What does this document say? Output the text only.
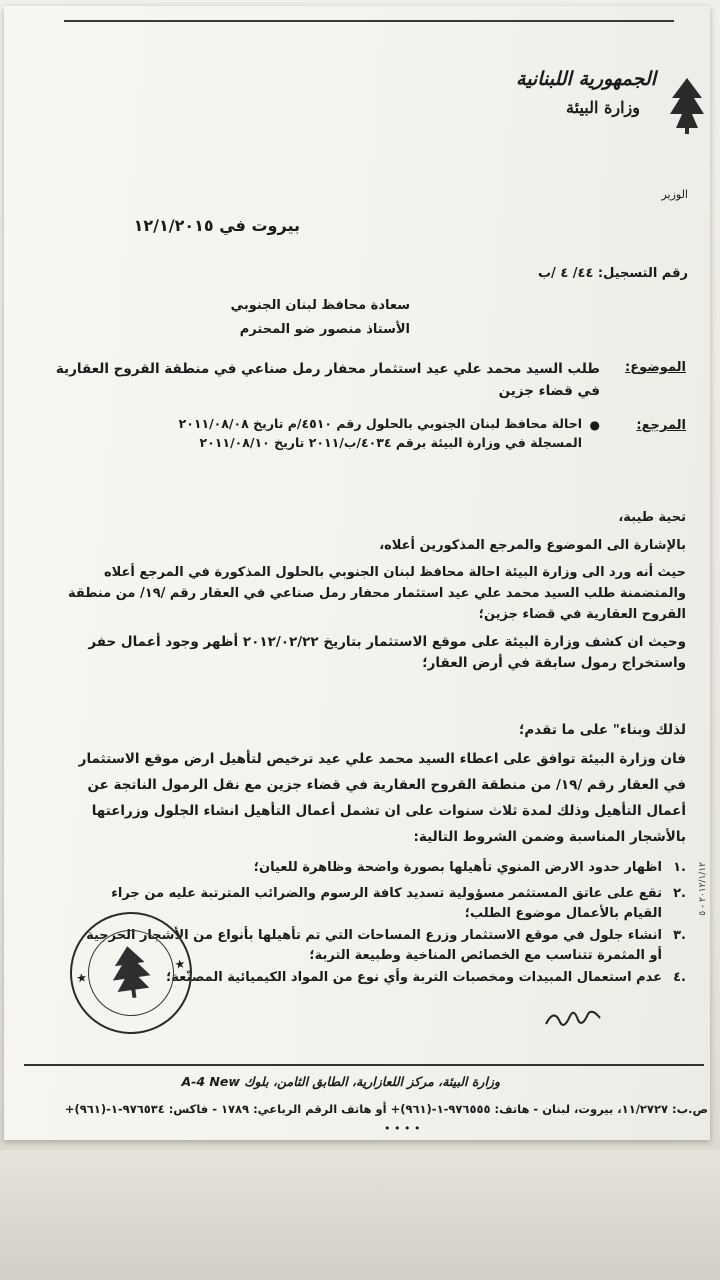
الجمهورية اللبنانية
وزارة البيئة
الوزير
بيروت في ١٢/١/٢٠١٥
رقم التسجيل: ٤٤/ ٤ /ب
سعادة محافظ لبنان الجنوبي
الأستاذ منصور ضو المحترم
الموضوع:
طلب السيد محمد علي عيد استثمار محفار رمل صناعي في منطقة القروح العقارية في قضاء جزين
المرجع:
●
احالة محافظ لبنان الجنوبي بالحلول رقم ٤٥١٠/م تاريخ ٢٠١١/٠٨/٠٨
المسجلة في وزارة البيئة برقم ٤٠٣٤/ب/٢٠١١ تاريخ ٢٠١١/٠٨/١٠
تحية طيبة،
بالإشارة الى الموضوع والمرجع المذكورين أعلاه،
حيث أنه ورد الى وزارة البيئة احالة محافظ لبنان الجنوبي بالحلول المذكورة في المرجع أعلاه والمتضمنة طلب السيد محمد علي عيد استثمار محفار رمل صناعي في العقار رقم /١٩/ من منطقة القروح العقارية في قضاء جزين؛
وحيث ان كشف وزارة البيئة على موقع الاستثمار بتاريخ ٢٠١٢/٠٢/٢٢ أظهر وجود أعمال حفر واستخراج رمول سابقة في أرض العقار؛
لذلك وبناء" على ما تقدم؛
فان وزارة البيئة توافق على اعطاء السيد محمد علي عيد ترخيص لتأهيل ارض موقع الاستثمار في العقار رقم /١٩/ من منطقة القروح العقارية في قضاء جزين مع نقل الرمول الناتجة عن أعمال التأهيل وذلك لمدة ثلاث سنوات على ان تشمل أعمال التأهيل انشاء الجلول وزراعتها بالأشجار المناسبة وضمن الشروط التالية:
.١
اظهار حدود الارض المنوي تأهيلها بصورة واضحة وظاهرة للعيان؛
.٢
تقع على عاتق المستثمر مسؤولية تسديد كافة الرسوم والضرائب المترتبة عليه من جراء القيام بالأعمال موضوع الطلب؛
.٣
انشاء جلول في موقع الاستثمار وزرع المساحات التي تم تأهيلها بأنواع من الأشجار الحرجية أو المثمرة تتناسب مع الخصائص المناخية وطبيعة التربة؛
.٤
عدم استعمال المبيدات ومخصبات التربة وأي نوع من المواد الكيميائية المصنّعة؛
٢٠١٢/١/١٢ - ٥
★
★
وزارة البيئة، مركز اللعازارية، الطابق الثامن، بلوك A-4 New
ص.ب: ١١/٢٧٢٧، بيروت، لبنان - هاتف: ٩٧٦٥٥٥-١-(٩٦١)+ أو هاتف الرقم الرباعي: ١٧٨٩ - فاكس: ٩٧٦٥٣٤-١-(٩٦١)+
• • • •
